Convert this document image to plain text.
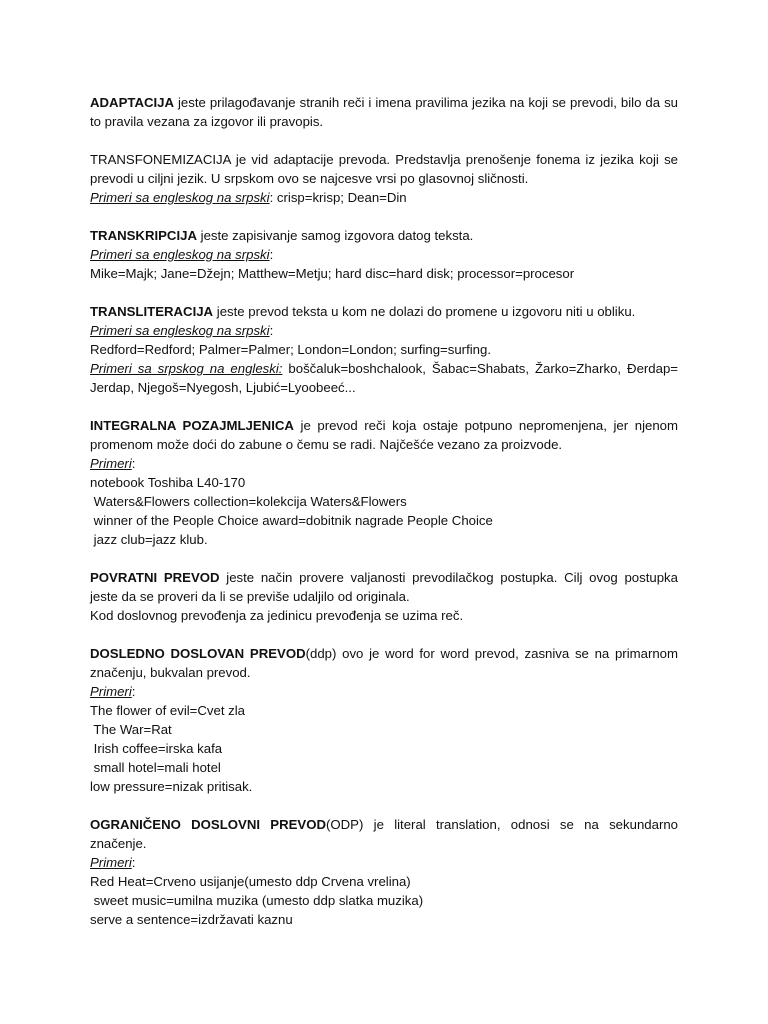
ADAPTACIJA jeste prilagođavanje stranih reči i imena pravilima jezika na koji se prevodi, bilo da su to pravila vezana za izgovor ili pravopis.

TRANSFONEMIZACIJA je vid adaptacije prevoda. Predstavlja prenošenje fonema iz jezika koji se prevodi u ciljni jezik. U srpskom ovo se najcesve vrsi po glasovnoj sličnosti.

Primeri sa engleskog na srpski: crisp=krisp; Dean=Din

TRANSKRIPCIJA jeste zapisivanje samog izgovora datog teksta.

Primeri sa engleskog na srpski:

Mike=Majk; Jane=Džejn; Matthew=Metju; hard disc=hard disk; processor=procesor

TRANSLITERACIJA jeste prevod teksta u kom ne dolazi do promene u izgovoru niti u obliku.

Primeri sa engleskog na srpski:

Redford=Redford; Palmer=Palmer; London=London; surfing=surfing.

Primeri sa srpskog na engleski: boščaluk=boshchalook, Šabac=Shabats, Žarko=Zharko, Đerdap= Jerdap, Njegoš=Nyegosh, Ljubić=Lyoobeeć...

INTEGRALNA POZAJMLJENICA je prevod reči koja ostaje potpuno nepromenjena, jer njenom promenom može doći do zabune o čemu se radi. Najčešće vezano za proizvode.

Primeri:

notebook Toshiba L40-170

Waters&Flowers collection=kolekcija Waters&Flowers

winner of the People Choice award=dobitnik nagrade People Choice

jazz club=jazz klub.

POVRATNI PREVOD jeste način provere valjanosti prevodilačkog postupka. Cilj ovog postupka jeste da se proveri da li se previše udaljilo od originala.

Kod doslovnog prevođenja za jedinicu prevođenja se uzima reč.

DOSLEDNO DOSLOVAN PREVOD(ddp) ovo je word for word prevod, zasniva se na primarnom značenju, bukvalan prevod.

Primeri:

The flower of evil=Cvet zla

The War=Rat

Irish coffee=irska kafa

small hotel=mali hotel

low pressure=nizak pritisak.

OGRANIČENO DOSLOVNI PREVOD(ODP) je literal translation, odnosi se na sekundarno značenje.

Primeri:

Red Heat=Crveno usijanje(umesto ddp Crvena vrelina)

sweet music=umilna muzika (umesto ddp slatka muzika)

serve a sentence=izdržavati kaznu
